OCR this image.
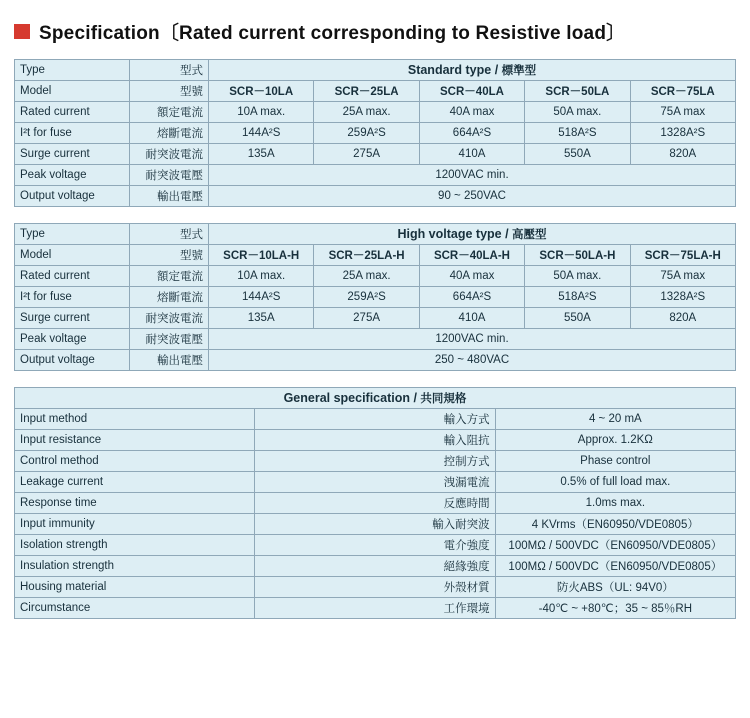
Specification〔Rated current corresponding to Resistive load〕
Type	型式	Standard type / 標準型				
Model	型號	SCR－10LA	SCR－25LA	SCR－40LA	SCR－50LA	SCR－75LA
Rated current	額定電流	10A max.	25A max.	40A max	50A max.	75A max
I²t for fuse	熔斷電流	144A²S	259A²S	664A²S	518A²S	1328A²S
Surge current	耐突波電流	135A	275A	410A	550A	820A
Peak voltage	耐突波電壓	1200VAC min.				
Output voltage	輸出電壓	90 ~ 250VAC				
Type	型式	High voltage type / 高壓型				
Model	型號	SCR－10LA-H	SCR－25LA-H	SCR－40LA-H	SCR－50LA-H	SCR－75LA-H
Rated current	額定電流	10A max.	25A max.	40A max	50A max.	75A max
I²t for fuse	熔斷電流	144A²S	259A²S	664A²S	518A²S	1328A²S
Surge current	耐突波電流	135A	275A	410A	550A	820A
Peak voltage	耐突波電壓	1200VAC min.				
Output voltage	輸出電壓	250 ~ 480VAC				
General specification / 共同規格		
Input method	輸入方式	4 ~ 20 mA
Input resistance	輸入阻抗	Approx. 1.2KΩ
Control method	控制方式	Phase control
Leakage current	洩漏電流	0.5% of full load max.
Response time	反應時間	1.0ms max.
Input immunity	輸入耐突波	4 KVrms（EN60950/VDE0805）
Isolation strength	電介強度	100MΩ / 500VDC（EN60950/VDE0805）
Insulation strength	絕緣強度	100MΩ / 500VDC（EN60950/VDE0805）
Housing material	外殼材質	防火ABS（UL: 94V0）
Circumstance	工作環境	-40℃ ~ +80℃；35 ~ 85％RH
